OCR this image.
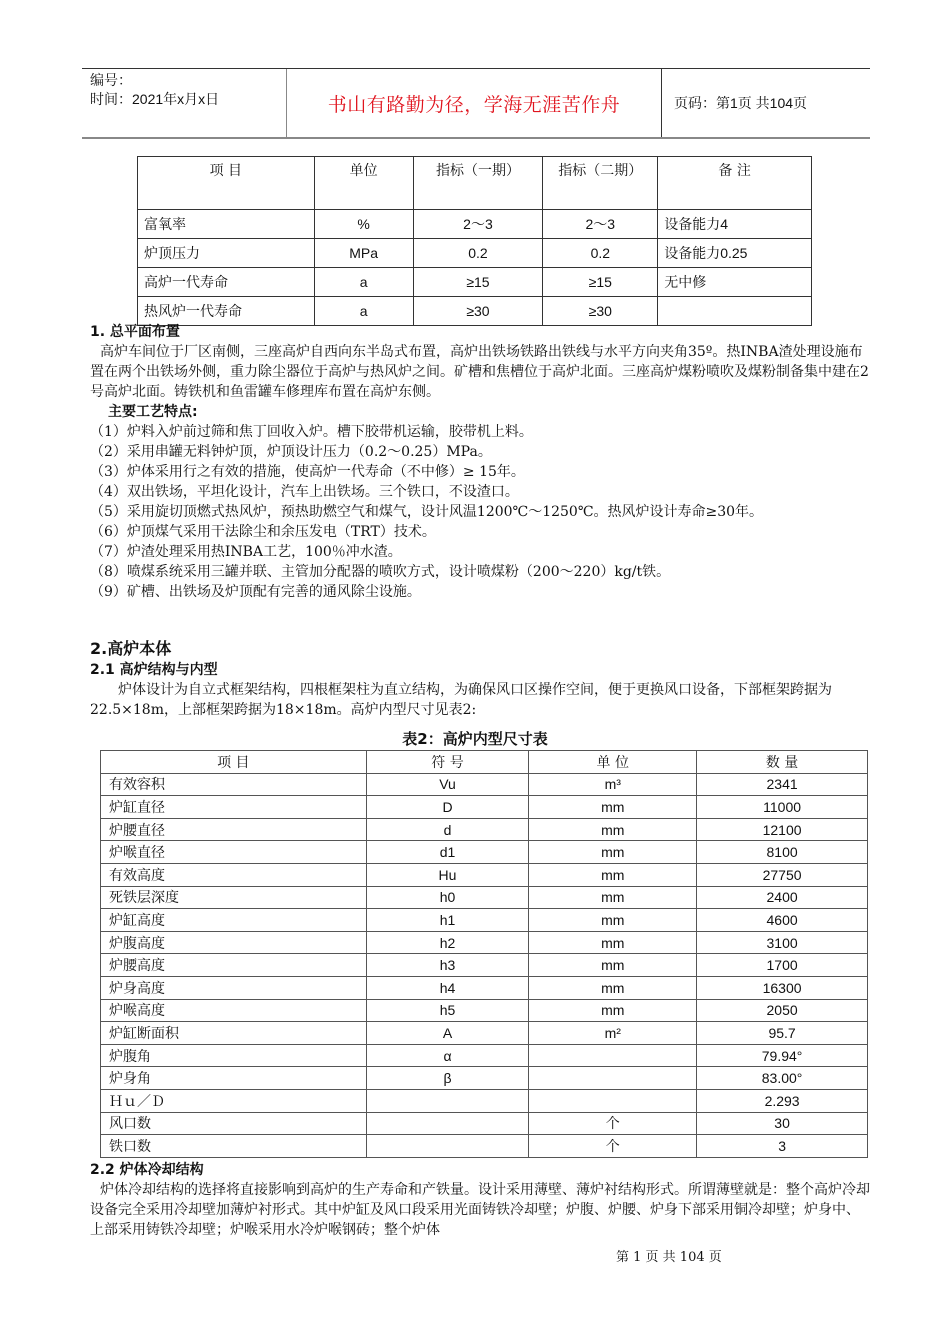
编号：
时间：2021年x月x日	书山有路勤为径，学海无涯苦作舟	页码：第1页 共104页
项 目	单位	指标（一期）	指标（二期）	备 注
富氧率	%	2～3	2～3	设备能力4
炉顶压力	MPa	0.2	0.2	设备能力0.25
高炉一代寿命	a	≥15	≥15	无中修
热风炉一代寿命	a	≥30	≥30	
1. 总平面布置
高炉车间位于厂区南侧，三座高炉自西向东半岛式布置，高炉出铁场铁路出铁线与水平方向夹角35º。热INBA渣处理设施布置在两个出铁场外侧，重力除尘器位于高炉与热风炉之间。矿槽和焦槽位于高炉北面。三座高炉煤粉喷吹及煤粉制备集中建在2号高炉北面。铸铁机和鱼雷罐车修理库布置在高炉东侧。
主要工艺特点:
（1）炉料入炉前过筛和焦丁回收入炉。槽下胶带机运输，胶带机上料。
（2）采用串罐无料钟炉顶，炉顶设计压力（0.2～0.25）MPa。
（3）炉体采用行之有效的措施，使高炉一代寿命（不中修）≥ 15年。
（4）双出铁场，平坦化设计，汽车上出铁场。三个铁口，不设渣口。
（5）采用旋切顶燃式热风炉，预热助燃空气和煤气，设计风温1200℃～1250℃。热风炉设计寿命≥30年。
（6）炉顶煤气采用干法除尘和余压发电（TRT）技术。
（7）炉渣处理采用热INBA工艺，100％冲水渣。
（8）喷煤系统采用三罐并联、主管加分配器的喷吹方式，设计喷煤粉（200～220）kg/t铁。
（9）矿槽、出铁场及炉顶配有完善的通风除尘设施。
2.高炉本体
2.1 高炉结构与内型
炉体设计为自立式框架结构，四根框架柱为直立结构，为确保风口区操作空间，便于更换风口设备，下部框架跨据为22.5×18m，上部框架跨据为18×18m。高炉内型尺寸见表2:
表2：高炉内型尺寸表
项 目	符 号	单 位	数 量
有效容积	Vu	m³	2341
炉缸直径	D	mm	11000
炉腰直径	d	mm	12100
炉喉直径	d1	mm	8100
有效高度	Hu	mm	27750
死铁层深度	h0	mm	2400
炉缸高度	h1	mm	4600
炉腹高度	h2	mm	3100
炉腰高度	h3	mm	1700
炉身高度	h4	mm	16300
炉喉高度	h5	mm	2050
炉缸断面积	A	m²	95.7
炉腹角	α		79.94°
炉身角	β		83.00°
Ｈｕ／Ｄ			2.293
风口数		个	30
铁口数		个	3
2.2 炉体冷却结构
炉体冷却结构的选择将直接影响到高炉的生产寿命和产铁量。设计采用薄壁、薄炉衬结构形式。所谓薄壁就是：整个高炉冷却设备完全采用冷却壁加薄炉衬形式。其中炉缸及风口段采用光面铸铁冷却壁；炉腹、炉腰、炉身下部采用铜冷却壁；炉身中、上部采用铸铁冷却壁；炉喉采用水冷炉喉钢砖；整个炉体
第 1 页 共 104 页
